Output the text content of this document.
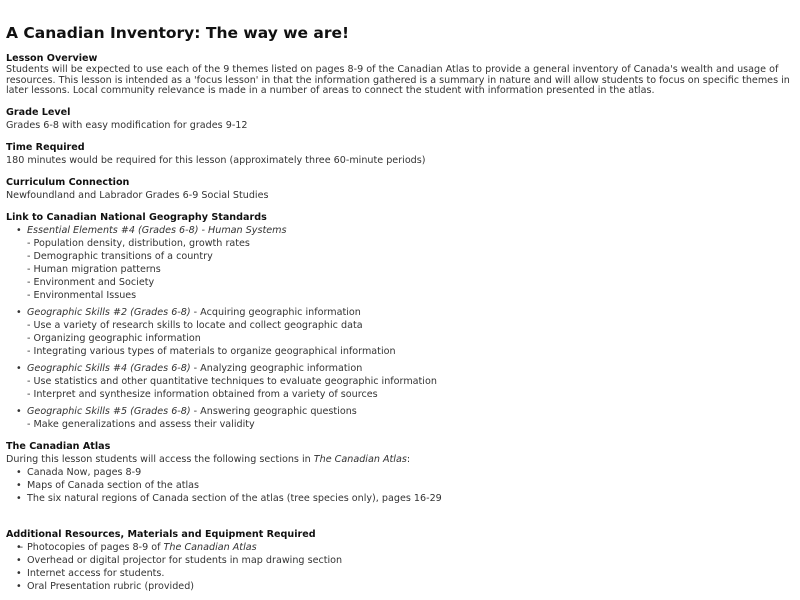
A Canadian Inventory: The way we are!
Lesson Overview

Students will be expected to use each of the 9 themes listed on pages 8-9 of the Canadian Atlas to provide a general inventory of Canada's wealth and usage of resources. This lesson is intended as a 'focus lesson' in that the information gathered is a summary in nature and will allow students to focus on specific themes in later lessons. Local community relevance is made in a number of areas to connect the student with information presented in the atlas.

Grade Level

Grades 6-8 with easy modification for grades 9-12

Time Required

180 minutes would be required for this lesson (approximately three 60-minute periods)

Curriculum Connection

Newfoundland and Labrador Grades 6-9 Social Studies

Link to Canadian National Geography Standards
• Essential Elements #4 (Grades 6-8) - Human Systems
- Population density, distribution, growth rates
- Demographic transitions of a country
- Human migration patterns
- Environment and Society
- Environmental Issues
• Geographic Skills #2 (Grades 6-8) - Acquiring geographic information
- Use a variety of research skills to locate and collect geographic data
- Organizing geographic information
- Integrating various types of materials to organize geographical information
• Geographic Skills #4 (Grades 6-8) - Analyzing geographic information
- Use statistics and other quantitative techniques to evaluate geographic information
- Interpret and synthesize information obtained from a variety of sources
• Geographic Skills #5 (Grades 6-8) - Answering geographic questions
- Make generalizations and assess their validity
The Canadian Atlas

During this lesson students will access the following sections in The Canadian Atlas:

• Canada Now, pages 8-9
• Maps of Canada section of the atlas
• The six natural regions of Canada section of the atlas (tree species only), pages 16-29
Additional Resources, Materials and Equipment Required
•- Photocopies of pages 8-9 of The Canadian Atlas
• Overhead or digital projector for students in map drawing section
• Internet access for students.
• Oral Presentation rubric (provided)
